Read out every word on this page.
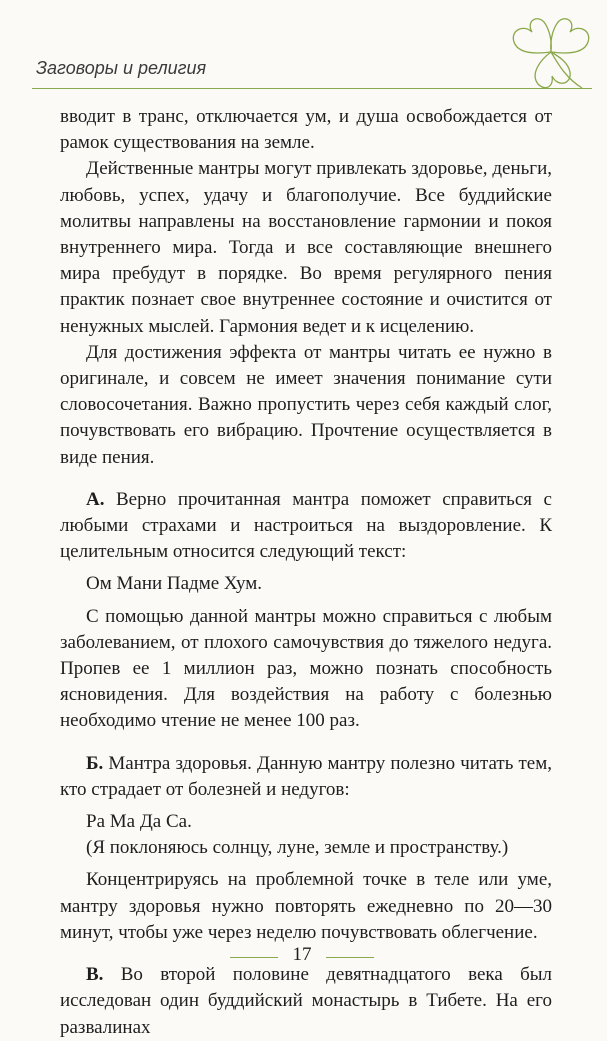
Заговоры и религия

вводит в транс, отключается ум, и душа освобождается от рамок существования на земле.

Действенные мантры могут привлекать здоровье, деньги, любовь, успех, удачу и благополучие. Все буддийские молитвы направлены на восстановление гармонии и покоя внутреннего мира. Тогда и все составляющие внешнего мира пребудут в порядке. Во время регулярного пения практик познает свое внутреннее состояние и очистится от ненужных мыслей. Гармония ведет и к исцелению.

Для достижения эффекта от мантры читать ее нужно в оригинале, и совсем не имеет значения понимание сути словосочетания. Важно пропустить через себя каждый слог, почувствовать его вибрацию. Прочтение осуществляется в виде пения.

А. Верно прочитанная мантра поможет справиться с любыми страхами и настроиться на выздоровление. К целительным относится следующий текст:

Ом Мани Падме Хум.

С помощью данной мантры можно справиться с любым заболеванием, от плохого самочувствия до тяжелого недуга. Пропев ее 1 миллион раз, можно познать способность ясновидения. Для воздействия на работу с болезнью необходимо чтение не менее 100 раз.

Б. Мантра здоровья. Данную мантру полезно читать тем, кто страдает от болезней и недугов:

Ра Ма Да Са.

(Я поклоняюсь солнцу, луне, земле и пространству.)

Концентрируясь на проблемной точке в теле или уме, мантру здоровья нужно повторять ежедневно по 20—30 минут, чтобы уже через неделю почувствовать облегчение.

В. Во второй половине девятнадцатого века был исследован один буддийский монастырь в Тибете. На его развалинах

17
